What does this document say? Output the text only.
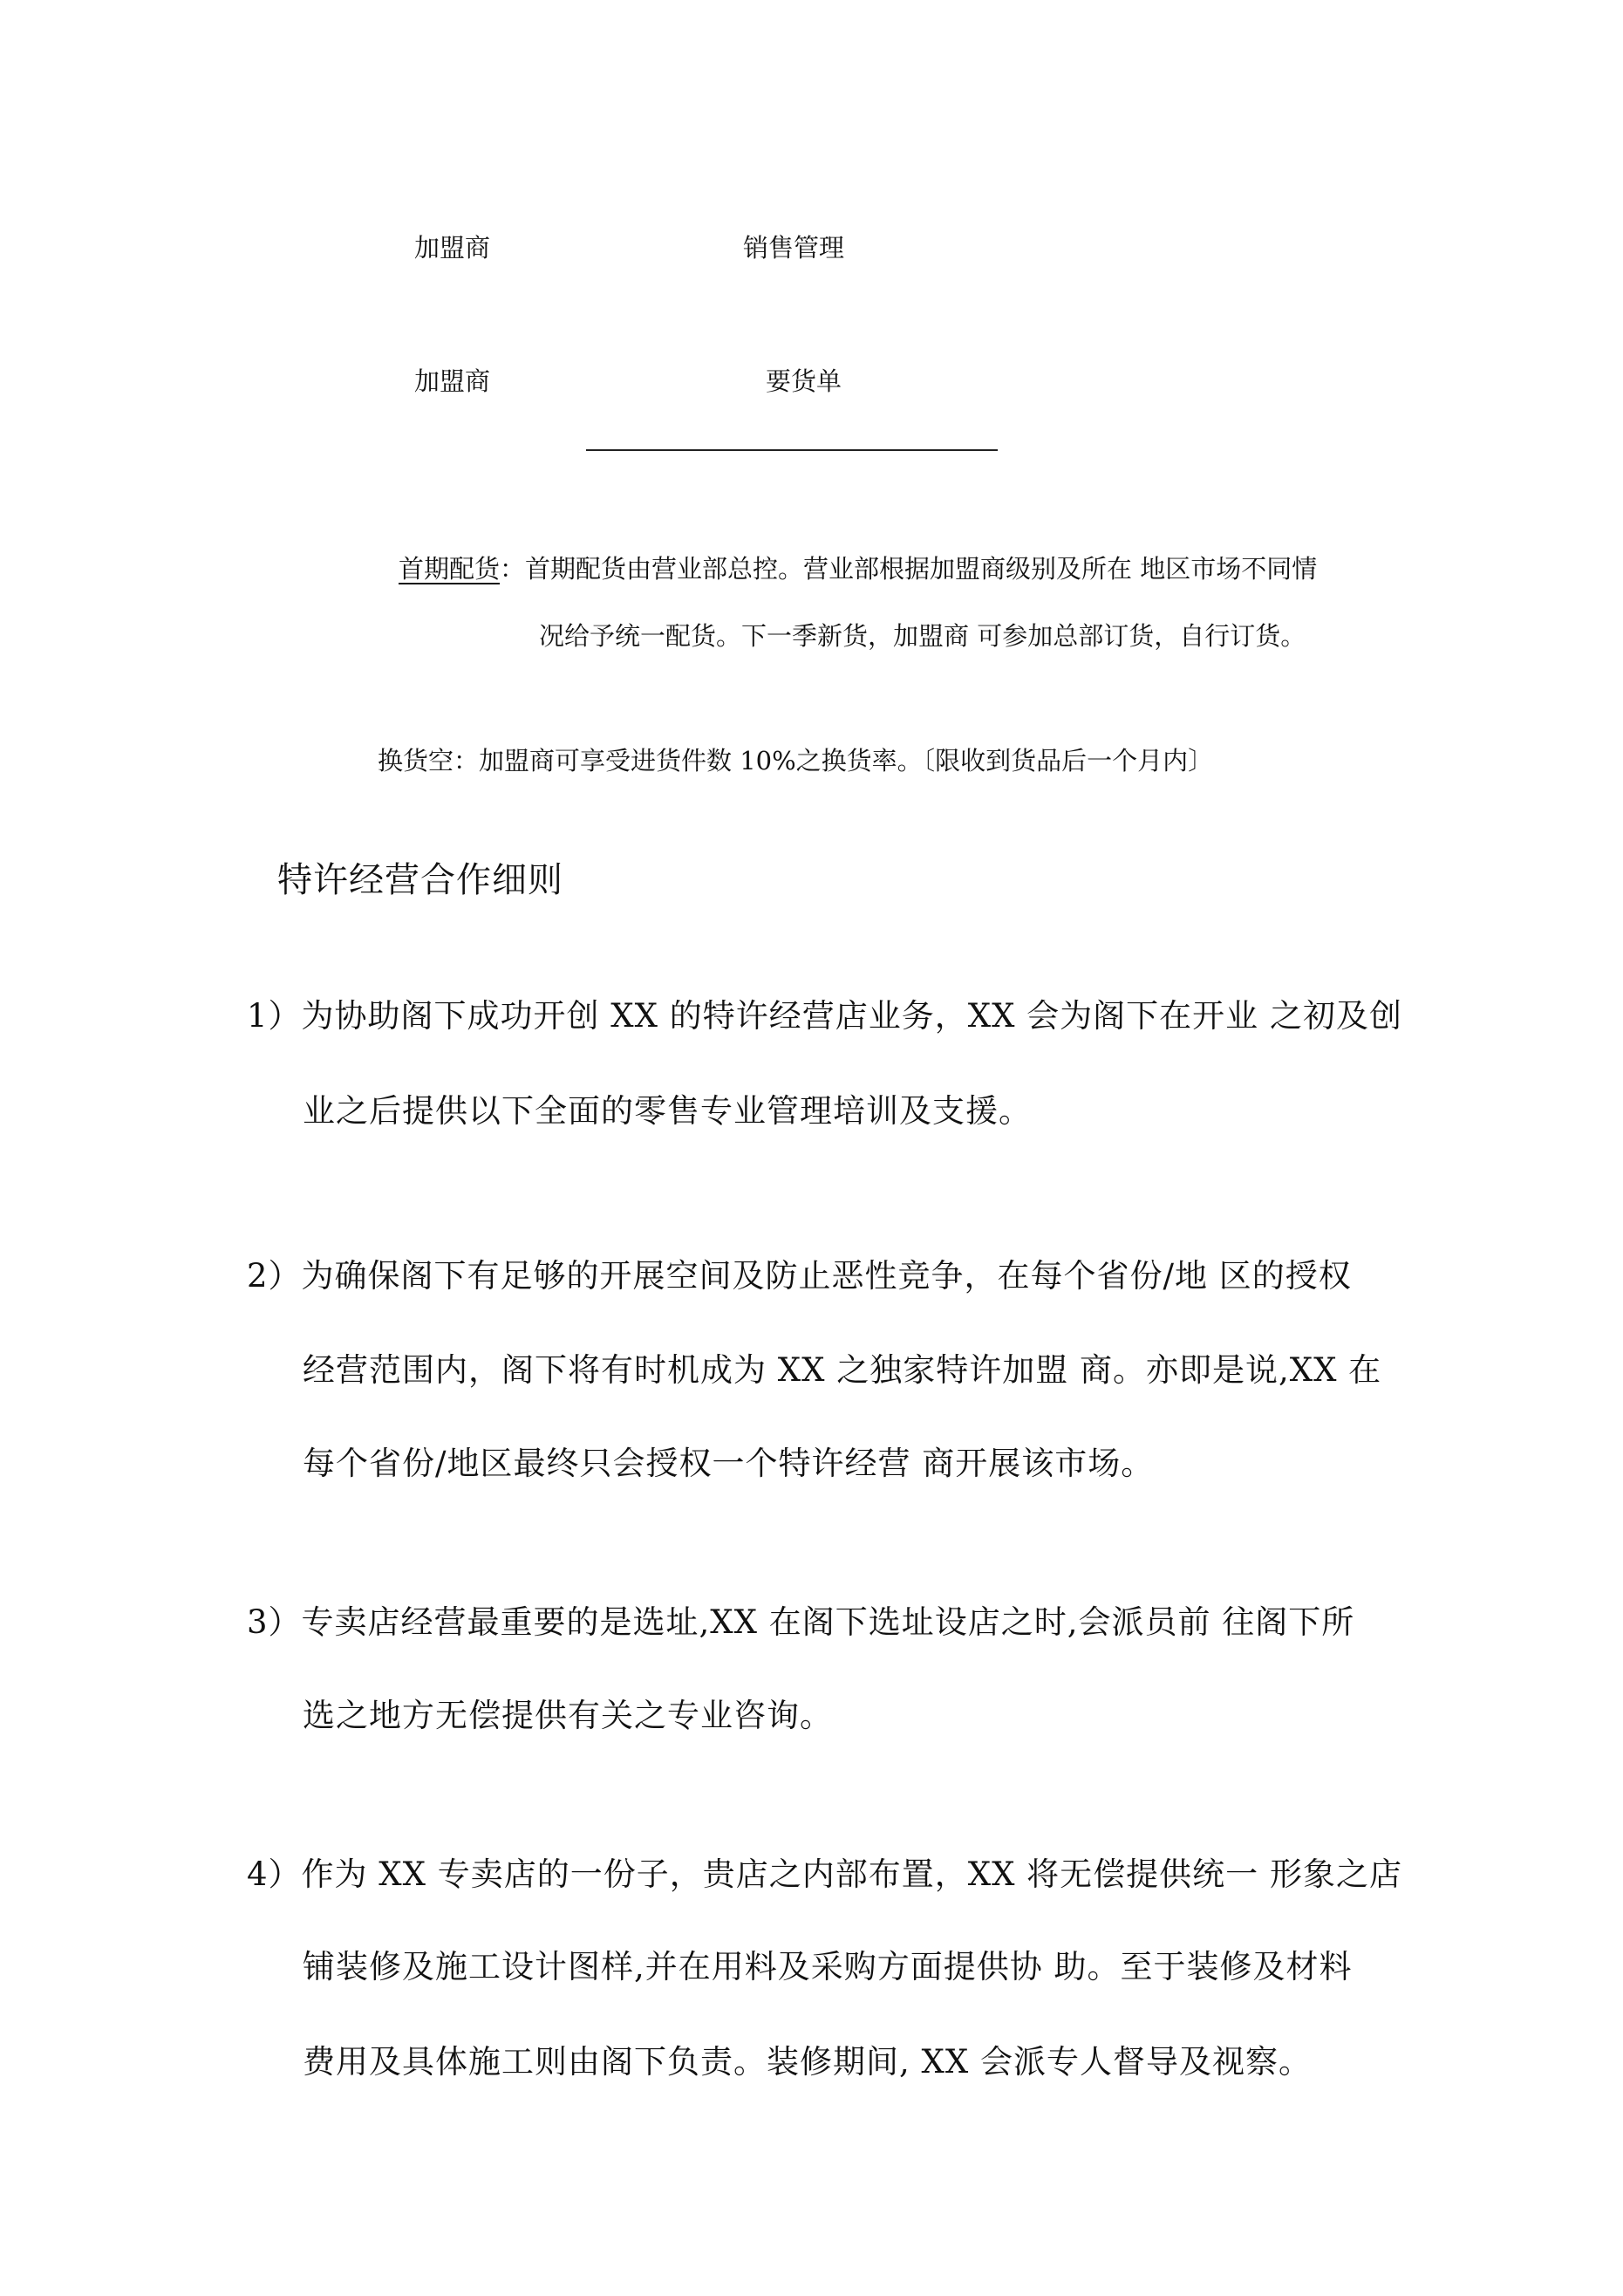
加盟商	销售管理
加盟商	要货单
首期配货：首期配货由营业部总控。营业部根据加盟商级别及所在 地区市场不同情
况给予统一配货。下一季新货，加盟商 可参加总部订货，自行订货。
换货空：加盟商可享受进货件数 10%之换货率。〔限收到货品后一个月内〕
特许经营合作细则
1）为协助阁下成功开创 XX 的特许经营店业务，XX 会为阁下在开业 之初及创
业之后提供以下全面的零售专业管理培训及支援。
2）为确保阁下有足够的开展空间及防止恶性竞争，在每个省份/地 区的授权
经营范围内，阁下将有时机成为 XX 之独家特许加盟 商。亦即是说,XX 在
每个省份/地区最终只会授权一个特许经营 商开展该市场。
3）专卖店经营最重要的是选址,XX 在阁下选址设店之时,会派员前 往阁下所
选之地方无偿提供有关之专业咨询。
4）作为 XX 专卖店的一份子，贵店之内部布置，XX 将无偿提供统一 形象之店
铺装修及施工设计图样,并在用料及采购方面提供协 助。至于装修及材料
费用及具体施工则由阁下负责。装修期间, XX 会派专人督导及视察。
